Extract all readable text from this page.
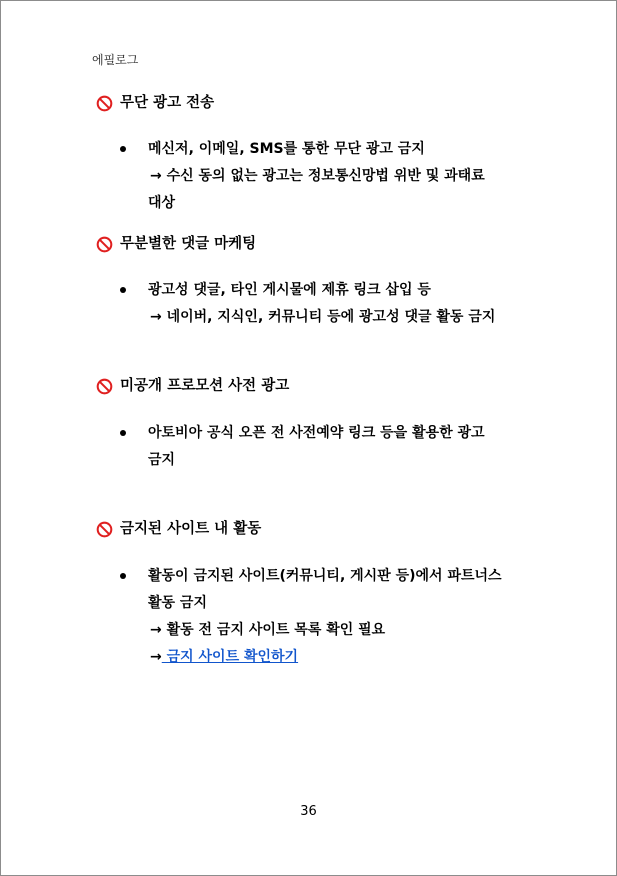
에필로그
무단 광고 전송
메신저, 이메일, SMS를 통한 무단 광고 금지
→ 수신 동의 없는 광고는 정보통신망법 위반 및 과태료
대상
무분별한 댓글 마케팅
광고성 댓글, 타인 게시물에 제휴 링크 삽입 등
→ 네이버, 지식인, 커뮤니티 등에 광고성 댓글 활동 금지
미공개 프로모션 사전 광고
아토비아 공식 오픈 전 사전예약 링크 등을 활용한 광고
금지
금지된 사이트 내 활동
활동이 금지된 사이트(커뮤니티, 게시판 등)에서 파트너스
활동 금지
→ 활동 전 금지 사이트 목록 확인 필요
→ 금지 사이트 확인하기
36
